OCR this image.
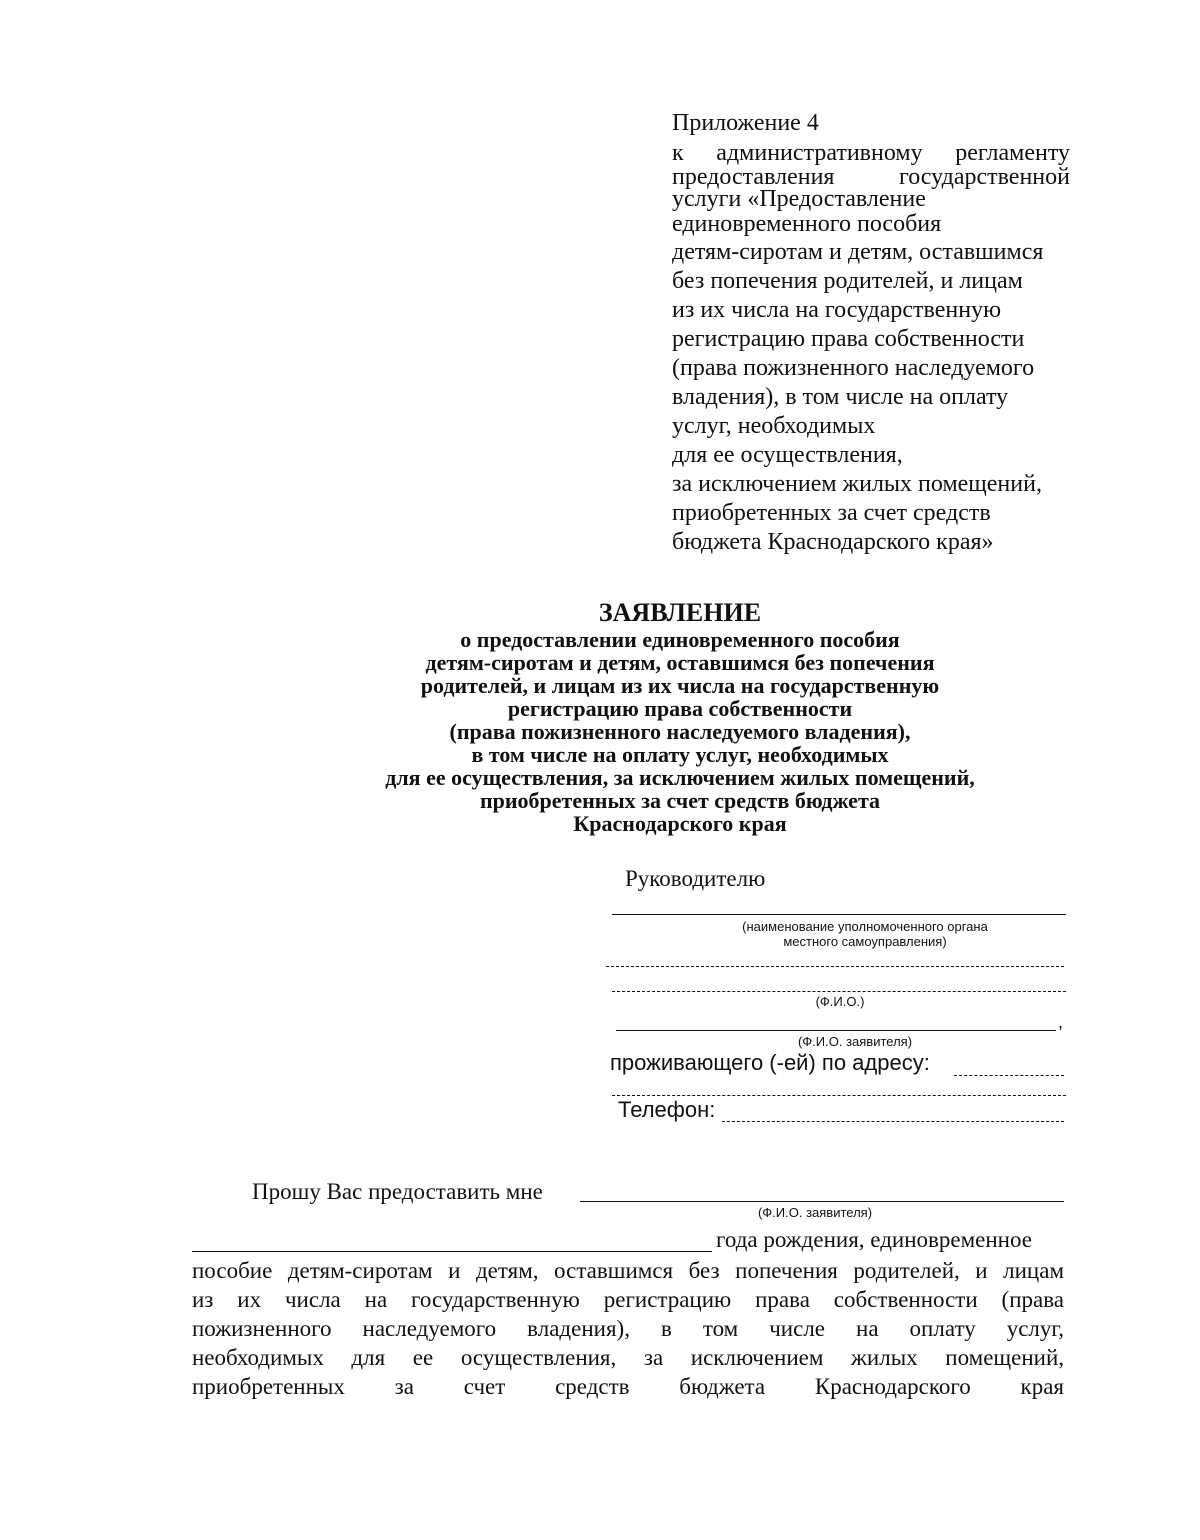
Приложение 4
к административному регламенту
предоставления государственной
услуги «Предоставление
единовременного пособия
детям-сиротам и детям, оставшимся
без попечения родителей, и лицам
из их числа на государственную
регистрацию права собственности
(права пожизненного наследуемого
владения), в том числе на оплату
услуг, необходимых
для ее осуществления,
за исключением жилых помещений,
приобретенных за счет средств
бюджета Краснодарского края»
ЗАЯВЛЕНИЕ
о предоставлении единовременного пособия
детям-сиротам и детям, оставшимся без попечения
родителей, и лицам из их числа на государственную
регистрацию права собственности
(права пожизненного наследуемого владения),
в том числе на оплату услуг, необходимых
для ее осуществления, за исключением жилых помещений,
приобретенных за счет средств бюджета
Краснодарского края
Руководителю
(наименование уполномоченного органа
местного самоуправления)
(Ф.И.О.)
,
(Ф.И.О. заявителя)
проживающего (-ей) по адресу:
Телефон:
Прошу Вас предоставить мне
(Ф.И.О. заявителя)
года рождения, единовременное
пособие детям-сиротам и детям, оставшимся без попечения родителей, и лицам
из их числа на государственную регистрацию права собственности (права
пожизненного наследуемого владения), в том числе на оплату услуг,
необходимых для ее осуществления, за исключением жилых помещений,
приобретенных за счет средств бюджета Краснодарского края
